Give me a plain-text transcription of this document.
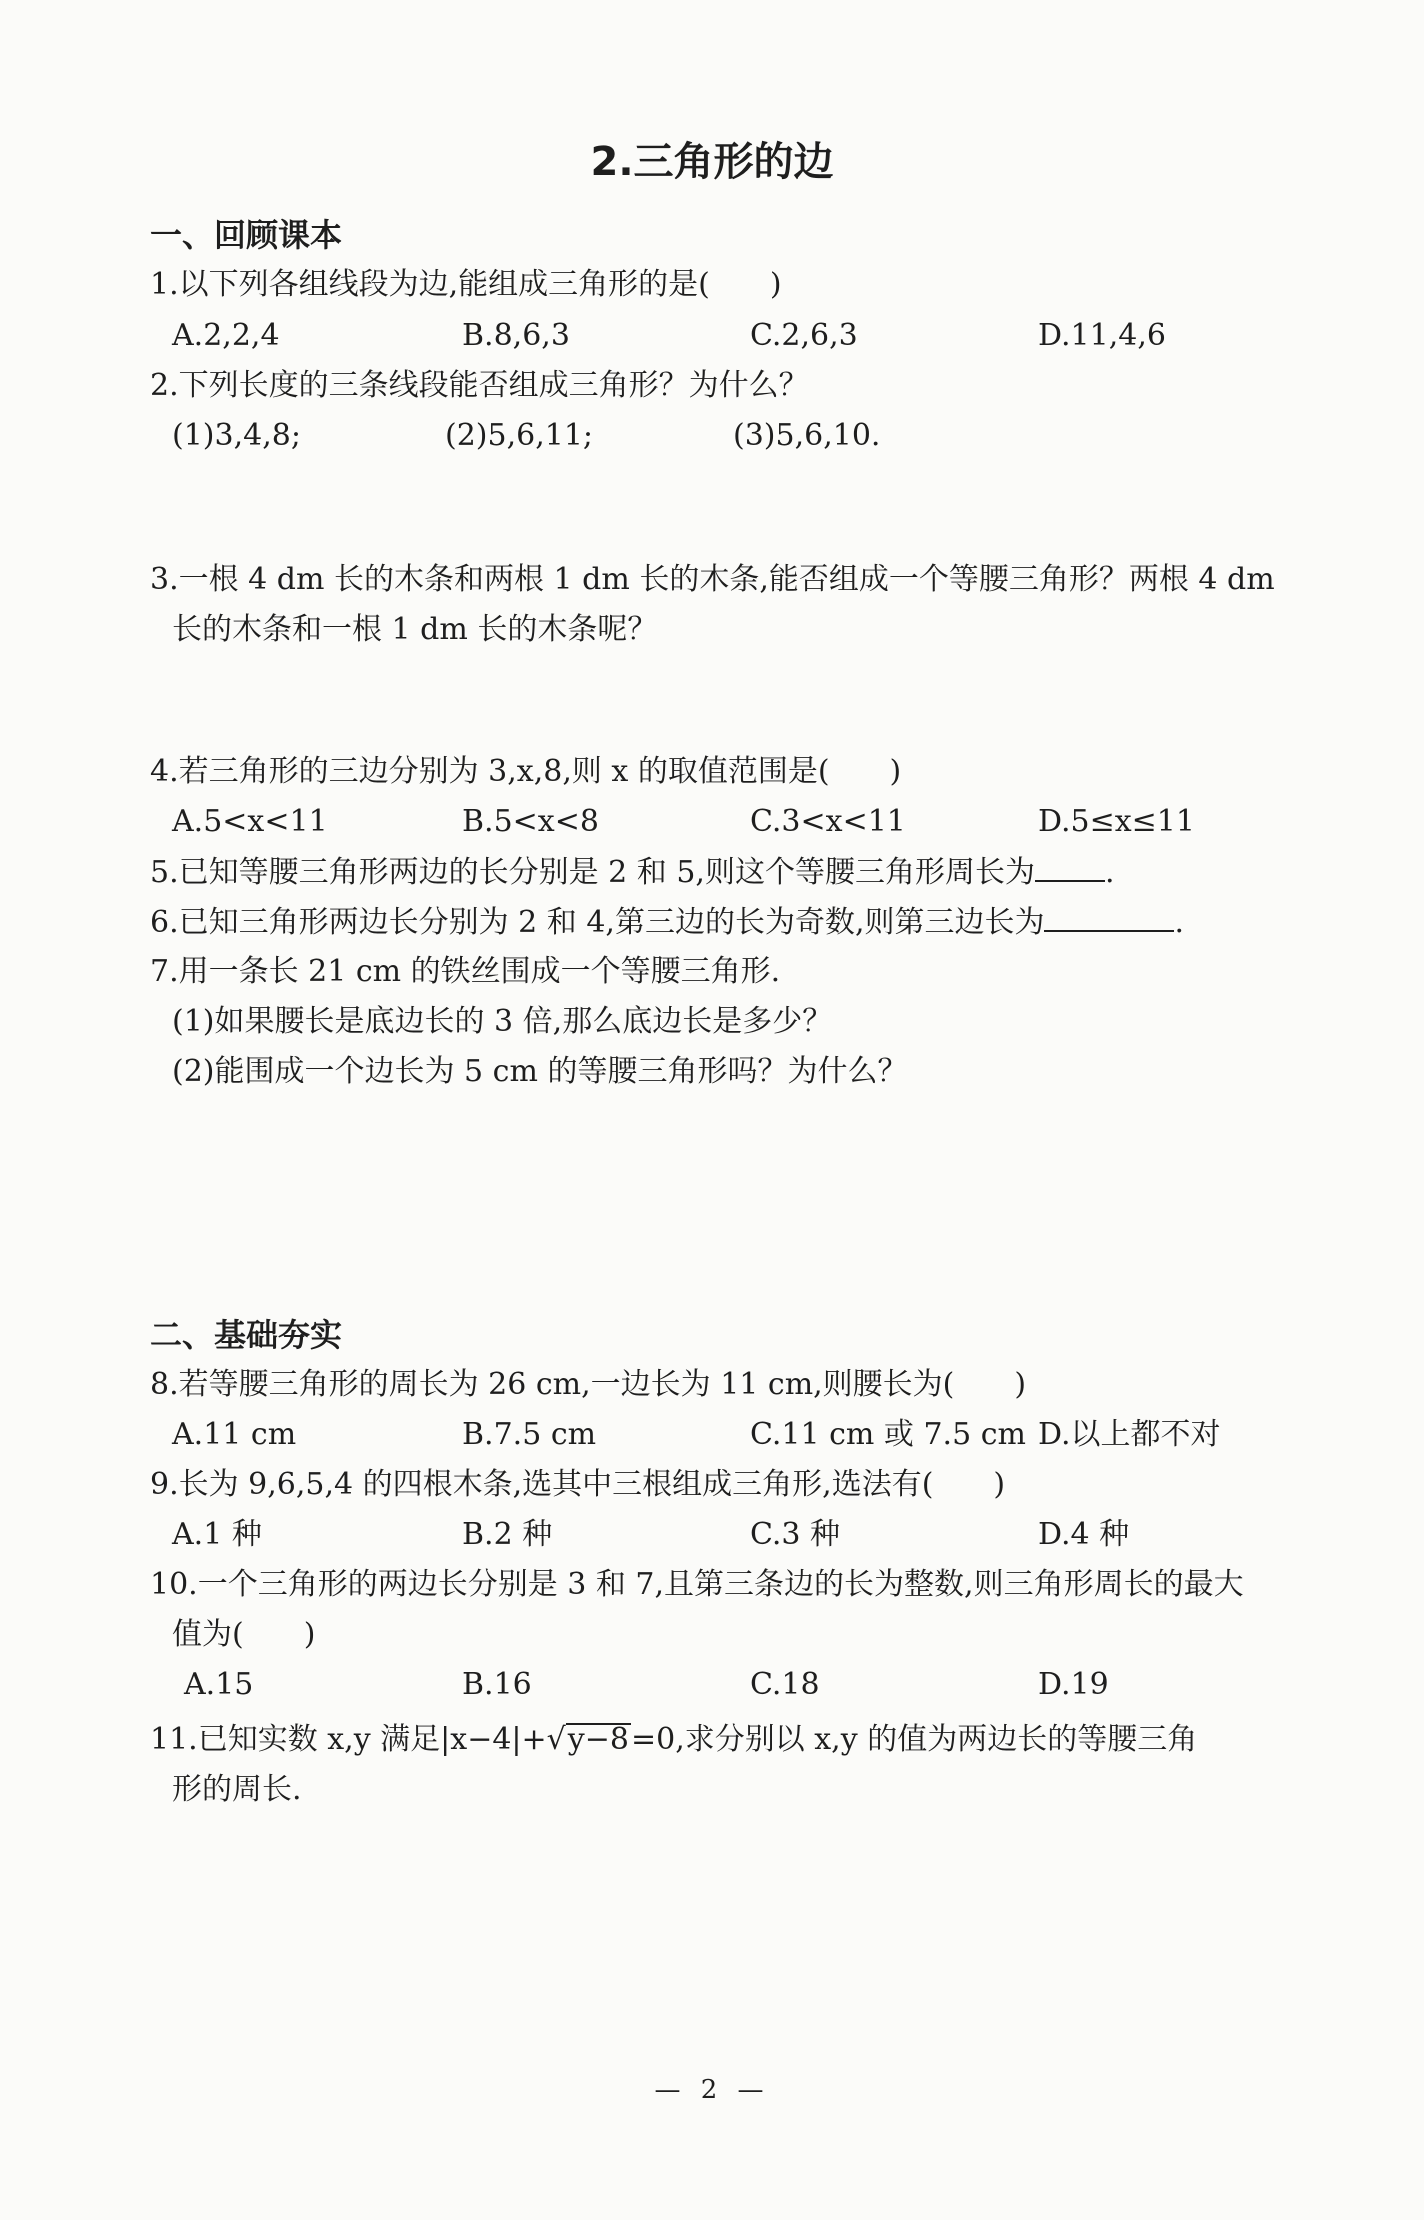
2.三角形的边
一、回顾课本
1.以下列各组线段为边,能组成三角形的是(　　)
A.2,2,4	B.8,6,3	C.2,6,3	D.11,4,6
2.下列长度的三条线段能否组成三角形？为什么？
(1)3,4,8;	(2)5,6,11;	(3)5,6,10.
3.一根 4 dm 长的木条和两根 1 dm 长的木条,能否组成一个等腰三角形？两根 4 dm
长的木条和一根 1 dm 长的木条呢？
4.若三角形的三边分别为 3,x,8,则 x 的取值范围是(　　)
A.5<x<11	B.5<x<8	C.3<x<11	D.5≤x≤11
5.已知等腰三角形两边的长分别是 2 和 5,则这个等腰三角形周长为 .
6.已知三角形两边长分别为 2 和 4,第三边的长为奇数,则第三边长为	.
7.用一条长 21 cm 的铁丝围成一个等腰三角形.
(1)如果腰长是底边长的 3 倍,那么底边长是多少？
(2)能围成一个边长为 5 cm 的等腰三角形吗？为什么？
二、基础夯实
8.若等腰三角形的周长为 26 cm,一边长为 11 cm,则腰长为(　　)
A.11 cm	B.7.5 cm	C.11 cm 或 7.5 cm D.以上都不对
9.长为 9,6,5,4 的四根木条,选其中三根组成三角形,选法有(　　)
A.1 种	B.2 种	C.3 种	D.4 种
10.一个三角形的两边长分别是 3 和 7,且第三条边的长为整数,则三角形周长的最大
值为(　　)
A.15	B.16	C.18	D.19
11.已知实数 x,y 满足|x−4|+√y−8=0,求分别以 x,y 的值为两边长的等腰三角
形的周长.
— 2 —
